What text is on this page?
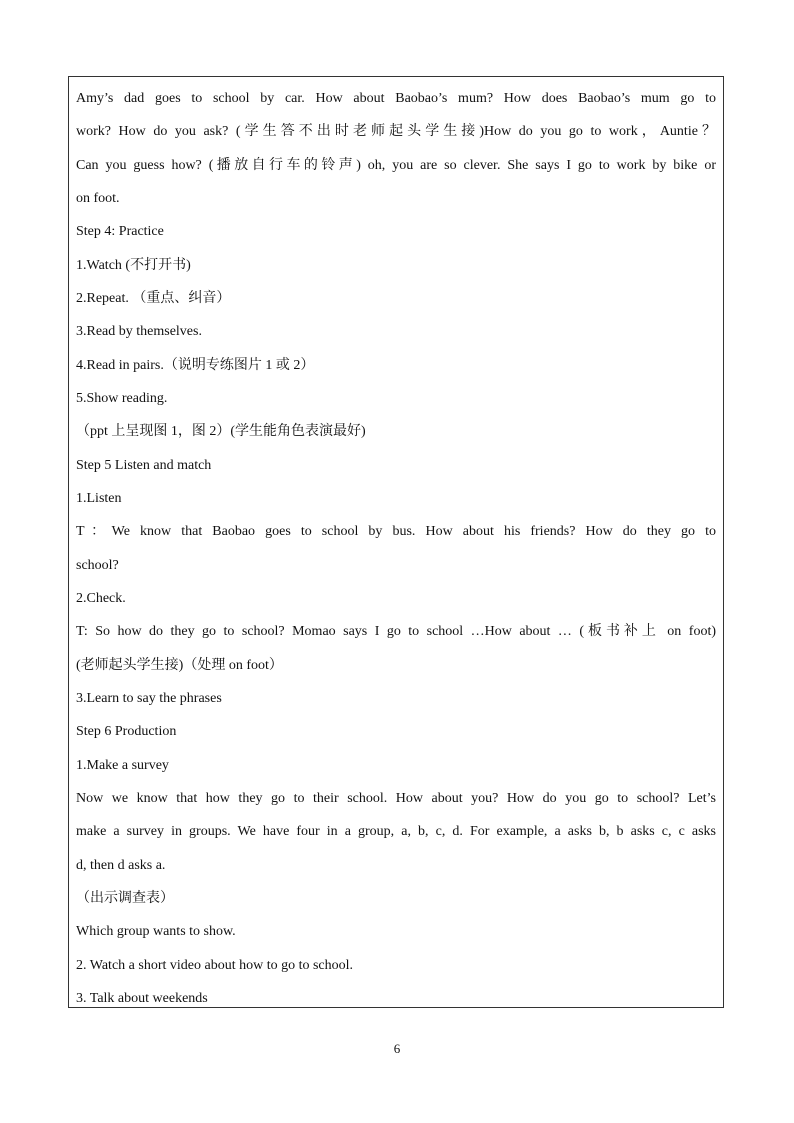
Amy’s dad goes to school by car. How about Baobao’s mum? How does Baobao’s mum go to
work? How do you ask? (学生答不出时老师起头学生接)How do you go to work，Auntie？
Can you guess how? (播放自行车的铃声) oh, you are so clever. She says I go to work by bike or
on foot.
Step 4: Practice
1.Watch (不打开书)
2.Repeat. （重点、纠音）
3.Read by themselves.
4.Read in pairs.（说明专练图片 1 或 2）
5.Show reading.
（ppt 上呈现图 1，图 2）(学生能角色表演最好)
Step 5 Listen and match
1.Listen
T：We know that Baobao goes to school by bus. How about his friends? How do they go to
school?
2.Check.
T: So how do they go to school? Momao says I go to school …How about … (板书补上 on foot)
(老师起头学生接)（处理 on foot）
3.Learn to say the phrases
Step 6 Production
1.Make a survey
Now we know that how they go to their school. How about you? How do you go to school? Let’s
make a survey in groups. We have four in a group, a, b, c, d. For example, a asks b, b asks c, c asks
d, then d asks a.
（出示调查表）
Which group wants to show.
2. Watch a short video about how to go to school.
3. Talk about weekends
6
